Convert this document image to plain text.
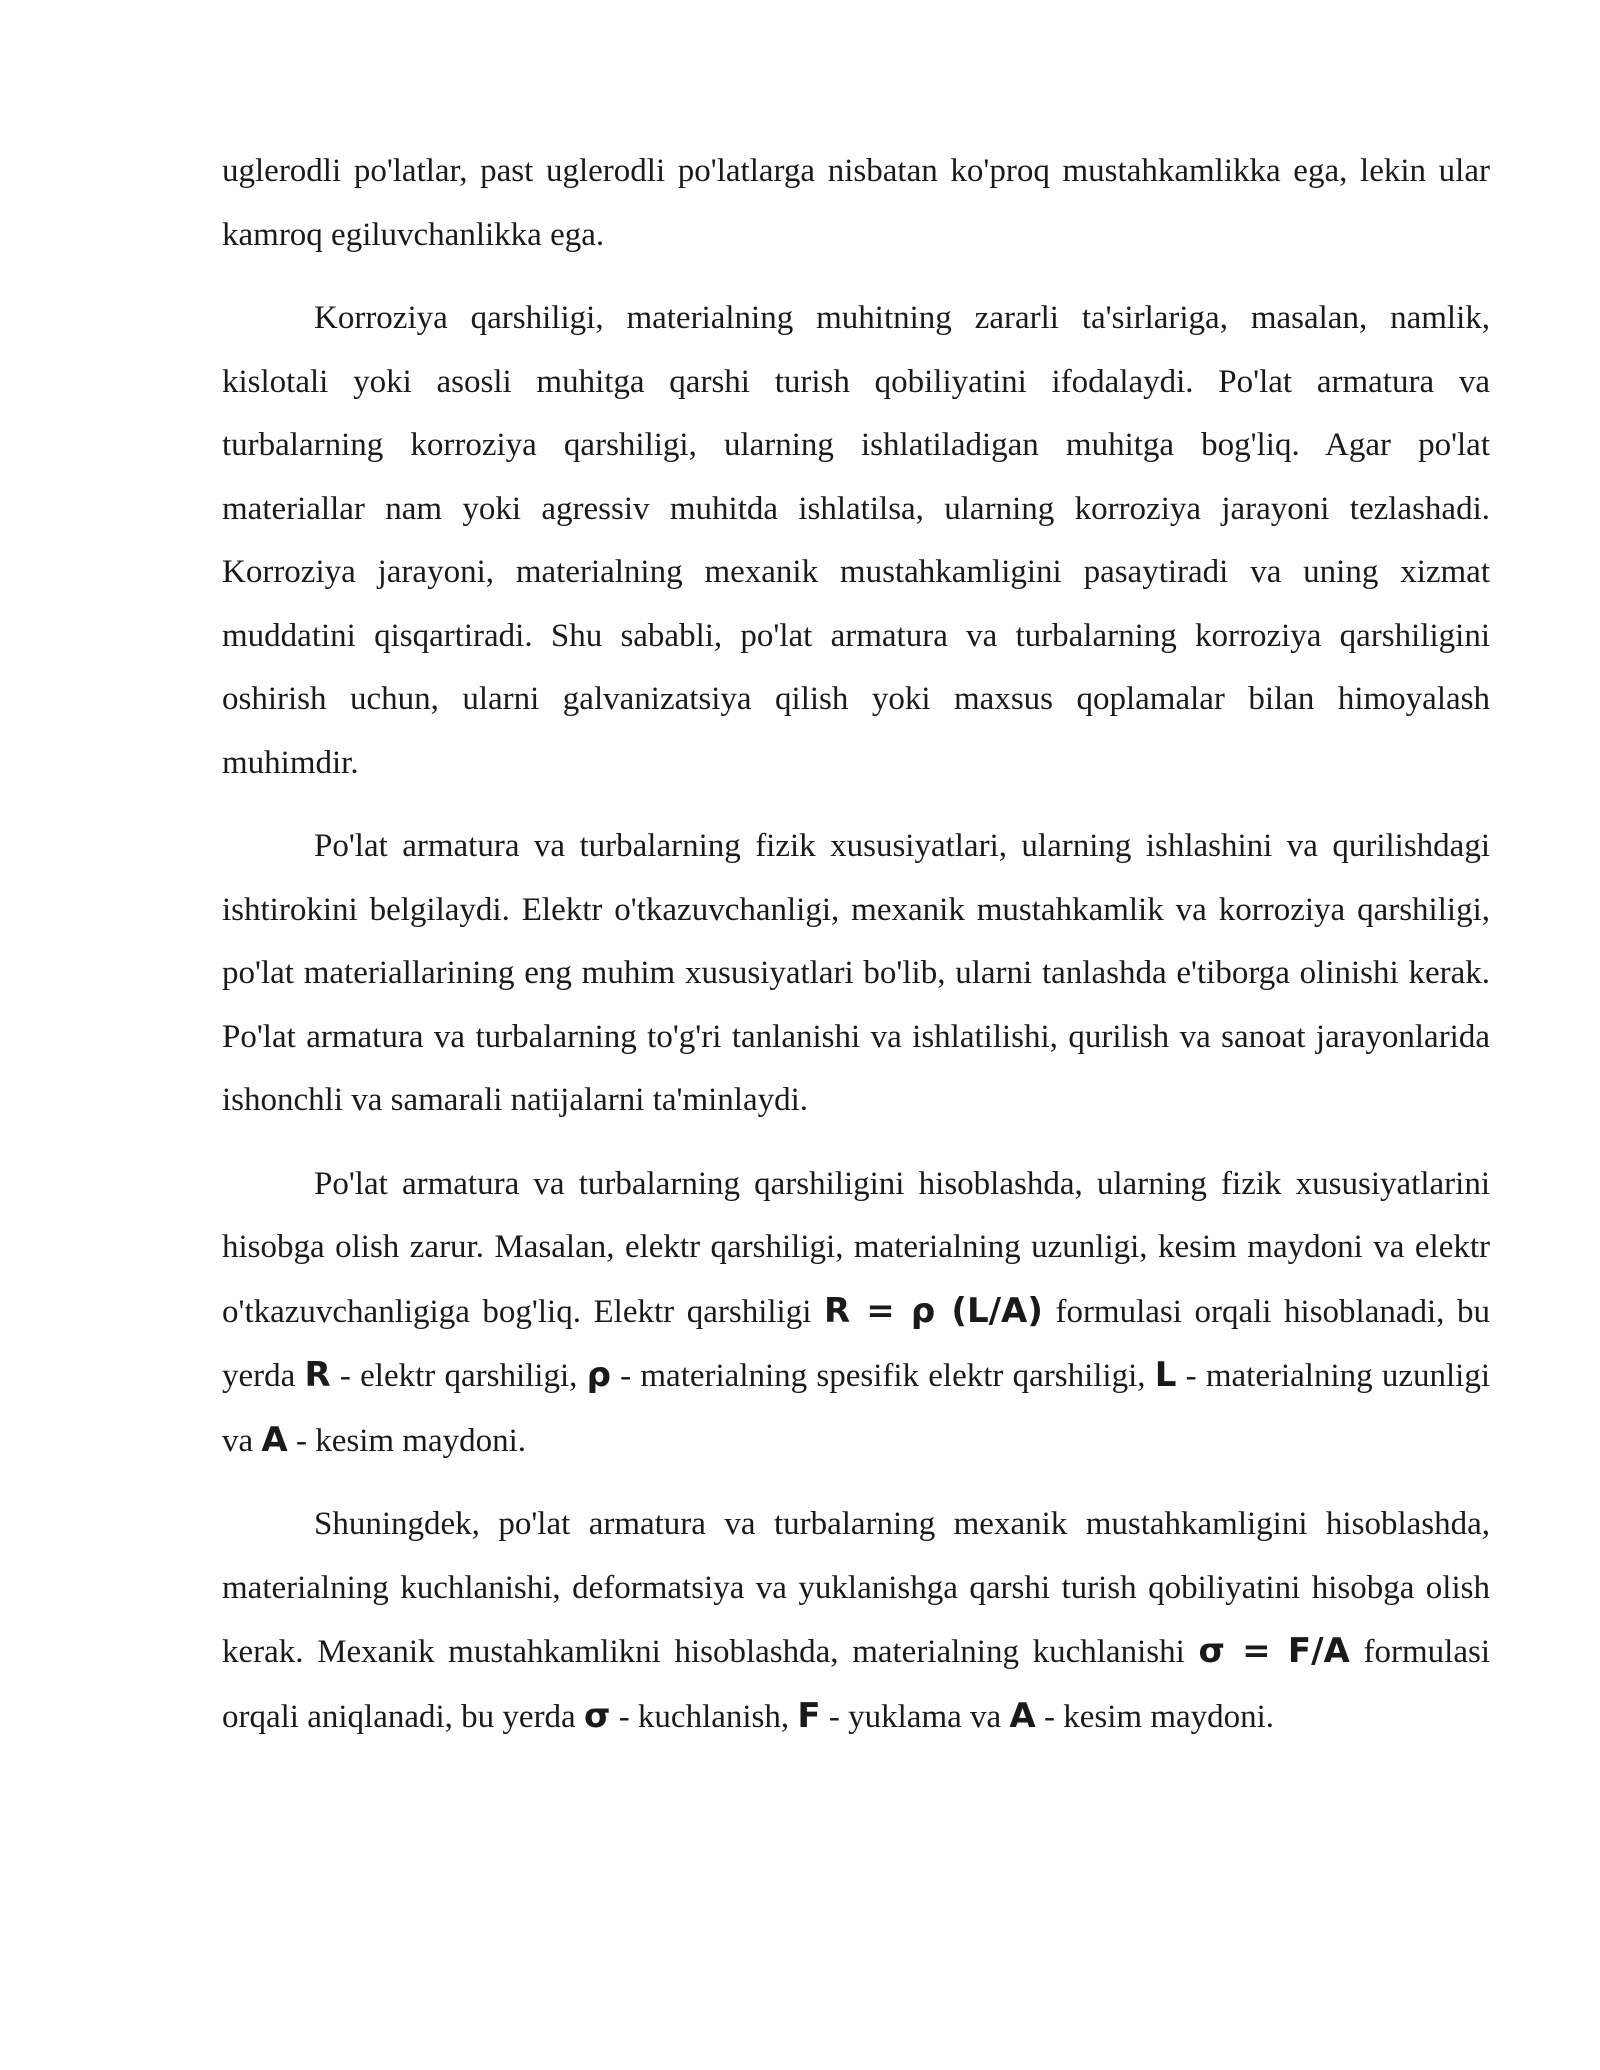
uglerodli po'latlar, past uglerodli po'latlarga nisbatan ko'proq mustahkamlikka ega, lekin ular kamroq egiluvchanlikka ega.

Korroziya qarshiligi, materialning muhitning zararli ta'sirlariga, masalan, namlik, kislotali yoki asosli muhitga qarshi turish qobiliyatini ifodalaydi. Po'lat armatura va turbalarning korroziya qarshiligi, ularning ishlatiladigan muhitga bog'liq. Agar po'lat materiallar nam yoki agressiv muhitda ishlatilsa, ularning korroziya jarayoni tezlashadi. Korroziya jarayoni, materialning mexanik mustahkamligini pasaytiradi va uning xizmat muddatini qisqartiradi. Shu sababli, po'lat armatura va turbalarning korroziya qarshiligini oshirish uchun, ularni galvanizatsiya qilish yoki maxsus qoplamalar bilan himoyalash muhimdir.

Po'lat armatura va turbalarning fizik xususiyatlari, ularning ishlashini va qurilishdagi ishtirokini belgilaydi. Elektr o'tkazuvchanligi, mexanik mustahkamlik va korroziya qarshiligi, po'lat materiallarining eng muhim xususiyatlari bo'lib, ularni tanlashda e'tiborga olinishi kerak. Po'lat armatura va turbalarning to'g'ri tanlanishi va ishlatilishi, qurilish va sanoat jarayonlarida ishonchli va samarali natijalarni ta'minlaydi.

Po'lat armatura va turbalarning qarshiligini hisoblashda, ularning fizik xususiyatlarini hisobga olish zarur. Masalan, elektr qarshiligi, materialning uzunligi, kesim maydoni va elektr o'tkazuvchanligiga bog'liq. Elektr qarshiligi R = ρ (L/A) formulasi orqali hisoblanadi, bu yerda R - elektr qarshiligi, ρ - materialning spesifik elektr qarshiligi, L - materialning uzunligi va A - kesim maydoni.

Shuningdek, po'lat armatura va turbalarning mexanik mustahkamligini hisoblashda, materialning kuchlanishi, deformatsiya va yuklanishga qarshi turish qobiliyatini hisobga olish kerak. Mexanik mustahkamlikni hisoblashda, materialning kuchlanishi σ = F/A formulasi orqali aniqlanadi, bu yerda σ - kuchlanish, F - yuklama va A - kesim maydoni.
